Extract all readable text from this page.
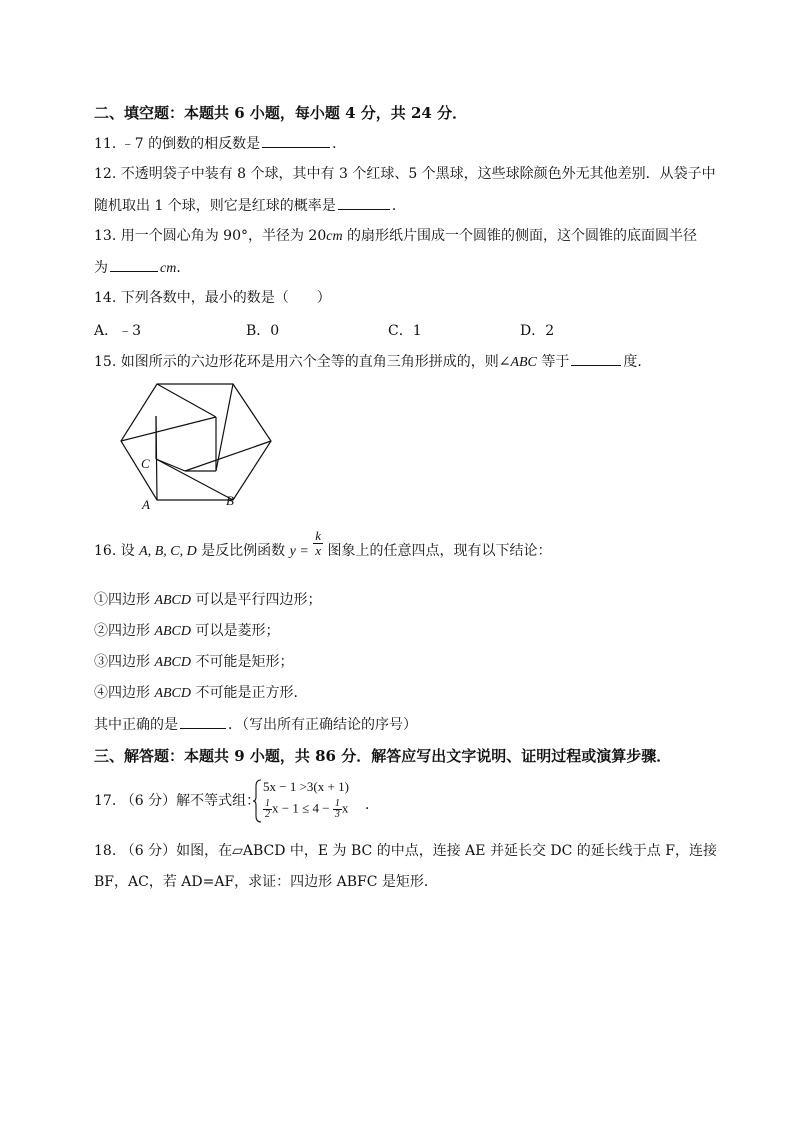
二、填空题：本题共 6 小题，每小题 4 分，共 24 分．
11. ﹣7 的倒数的相反数是	．
12. 不透明袋子中装有 8 个球，其中有 3 个红球、5 个黑球，这些球除颜色外无其他差别．从袋子中
随机取出 1 个球，则它是红球的概率是	．
13. 用一个圆心角为 90°，半径为 20cm 的扇形纸片围成一个圆锥的侧面，这个圆锥的底面圆半径
为	cm．
14. 下列各数中，最小的数是（　　）
A．﹣3	B．0	C．1	D．2
15. 如图所示的六边形花环是用六个全等的直角三角形拼成的，则∠ABC 等于	度．
C
A	B
16. 设 A, B, C, D 是反比例函数 $y = \frac{k}{x}$ 图象上的任意四点，现有以下结论：
①四边形 ABCD 可以是平行四边形；
②四边形 ABCD 可以是菱形；
③四边形 ABCD 不可能是矩形；
④四边形 ABCD 不可能是正方形．
其中正确的是	．（写出所有正确结论的序号）
三、解答题：本题共 9 小题，共 86 分．解答应写出文字说明、证明过程或演算步骤．
17. （6 分）解不等式组：
5x − 1 >3(x + 1)
$\frac{1}{2}$ $x - 1 \le 4 - \frac{1}{3}$ x ．
18. （6 分）如图，在▱ABCD 中，E 为 BC 的中点，连接 AE 并延长交 DC 的延长线于点 F，连接
BF，AC，若 AD=AF，求证：四边形 ABFC 是矩形．
